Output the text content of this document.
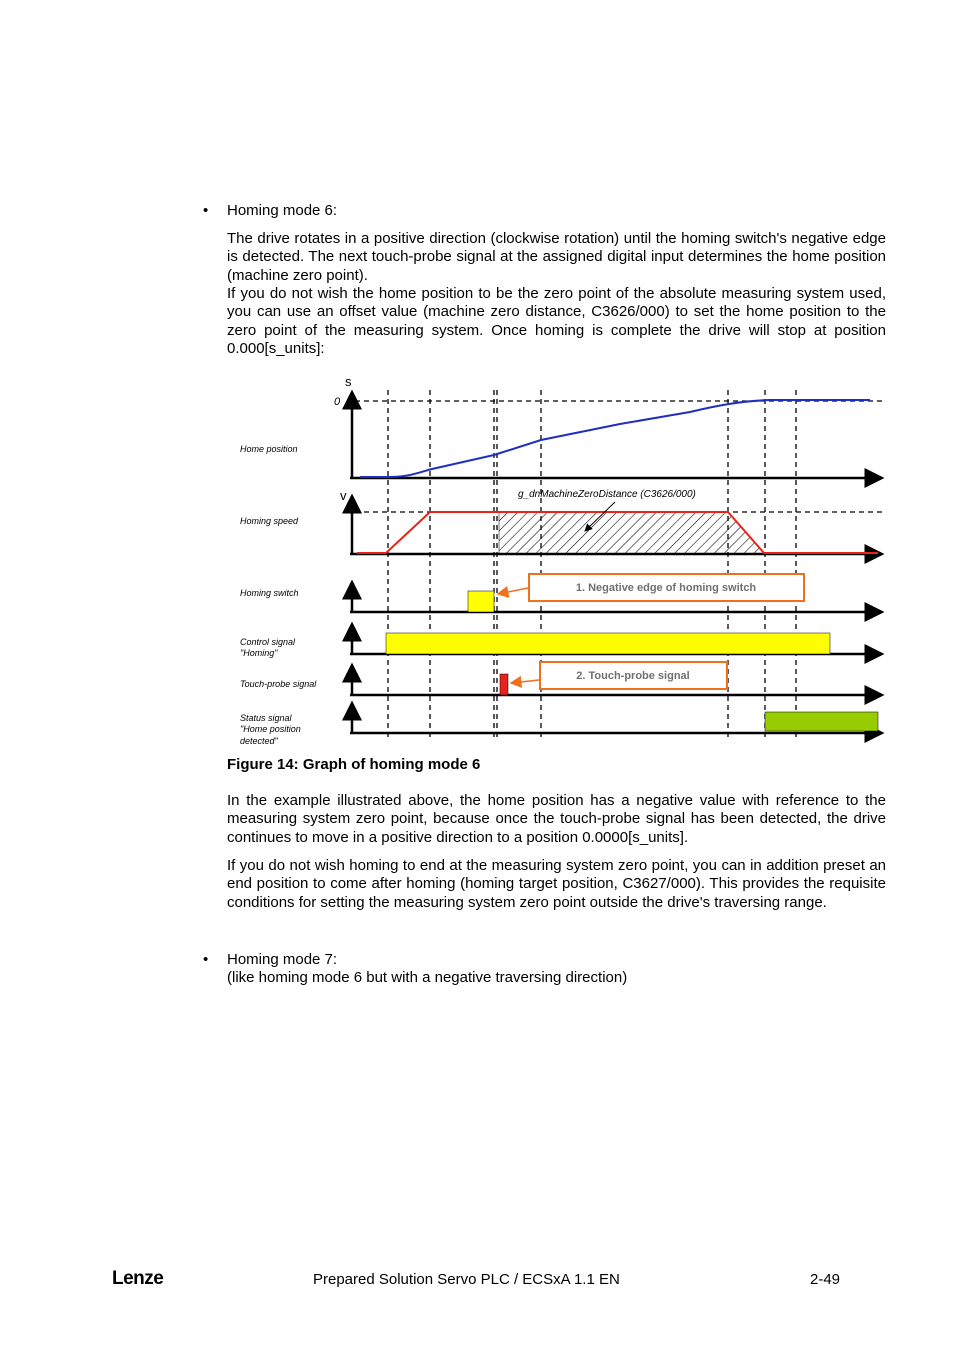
•	Homing mode 6:
The drive rotates in a positive direction (clockwise rotation) until the homing switch's negative edge is detected. The next touch-probe signal at the assigned digital input determines the home position (machine zero point).
If you do not wish the home position to be the zero point of the absolute measuring system used, you can use an offset value (machine zero distance, C3626/000) to set the home position to the zero point of the measuring system. Once homing is complete the drive will stop at position 0.000[s_units]:
s
0
Home position
v
Homing speed
g_dnMachineZeroDistance (C3626/000)
Homing switch	1. Negative edge of homing switch
Control signal
"Homing"
Touch-probe signal
2. Touch-probe signal
Status signal
"Home position
detected"
Figure 14: Graph of homing mode 6
In the example illustrated above, the home position has a negative value with reference to the measuring system zero point, because once the touch-probe signal has been detected, the drive continues to move in a positive direction to a position 0.0000[s_units].
If you do not wish homing to end at the measuring system zero point, you can in addition preset an end position to come after homing (homing target position, C3627/000). This provides the requisite conditions for setting the measuring system zero point outside the drive's traversing range.
•	Homing mode 7:
(like homing mode 6 but with a negative traversing direction)
Lenze	Prepared Solution Servo PLC / ECSxA 1.1 EN	2-49
